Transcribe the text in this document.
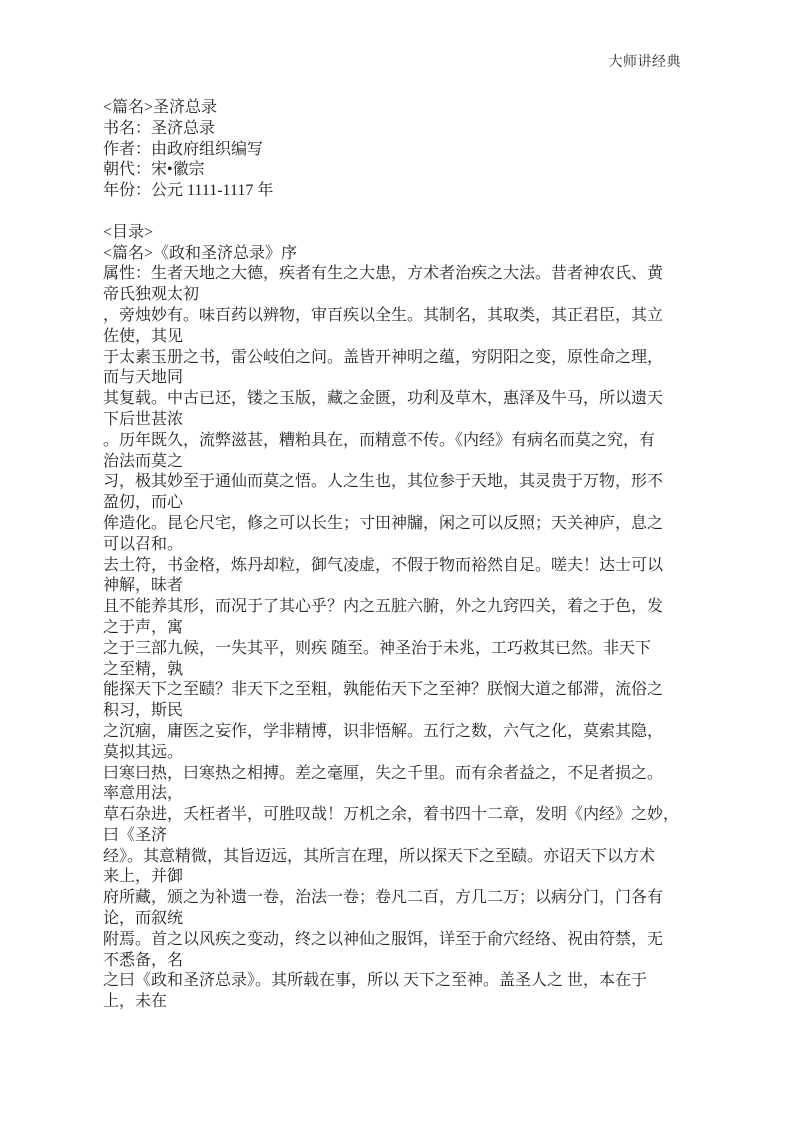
大师讲经典
<篇名>圣济总录
书名：圣济总录
作者：由政府组织编写
朝代：宋•徽宗
年份：公元 1111-1117 年
<目录>
<篇名>《政和圣济总录》序
属性：生者天地之大德，疾者有生之大患，方术者治疾之大法。昔者神农氏、黄
帝氏独观太初
，旁烛妙有。味百药以辨物，审百疾以全生。其制名，其取类，其正君臣，其立
佐使，其见
于太素玉册之书，雷公岐伯之问。盖皆开神明之蕴，穷阴阳之变，原性命之理，
而与天地同
其复载。中古已还，镂之玉版，藏之金匮，功利及草木，惠泽及牛马，所以遗天
下后世甚浓
。历年既久，流弊滋甚，糟粕具在，而精意不传。《内经》有病名而莫之究，有
治法而莫之
习，极其妙至于通仙而莫之悟。人之生也，其位参于天地，其灵贵于万物，形不
盈仞，而心
侔造化。昆仑尺宅，修之可以长生；寸田神牖，闲之可以反照；天关神庐，息之
可以召和。
去土符，书金格，炼丹却粒，御气凌虚，不假于物而裕然自足。嗟夫！达士可以
神解，昧者
且不能养其形，而况于了其心乎？内之五脏六腑，外之九窍四关，着之于色，发
之于声，寓
之于三部九候，一失其平，则疾 随至。神圣治于未兆，工巧救其已然。非天下
之至精，孰
能探天下之至赜？非天下之至粗，孰能佑天下之至神？朕悯大道之郁滞，流俗之
积习，斯民
之沉痼，庸医之妄作，学非精博，识非悟解。五行之数，六气之化，莫索其隐，
莫拟其远。
曰寒曰热，曰寒热之相搏。差之毫厘，失之千里。而有余者益之，不足者损之。
率意用法，
草石杂进，夭枉者半，可胜叹哉！万机之余，着书四十二章，发明《内经》之妙，
曰《圣济
经》。其意精微，其旨迈远，其所言在理，所以探天下之至赜。亦诏天下以方术
来上，并御
府所藏，颁之为补遗一卷，治法一卷；卷凡二百，方几二万；以病分门，门各有
论，而叙统
附焉。首之以风疾之变动，终之以神仙之服饵，详至于俞穴经络、祝由符禁，无
不悉备，名
之曰《政和圣济总录》。其所载在事，所以 天下之至神。盖圣人之 世，本在于
上，未在
